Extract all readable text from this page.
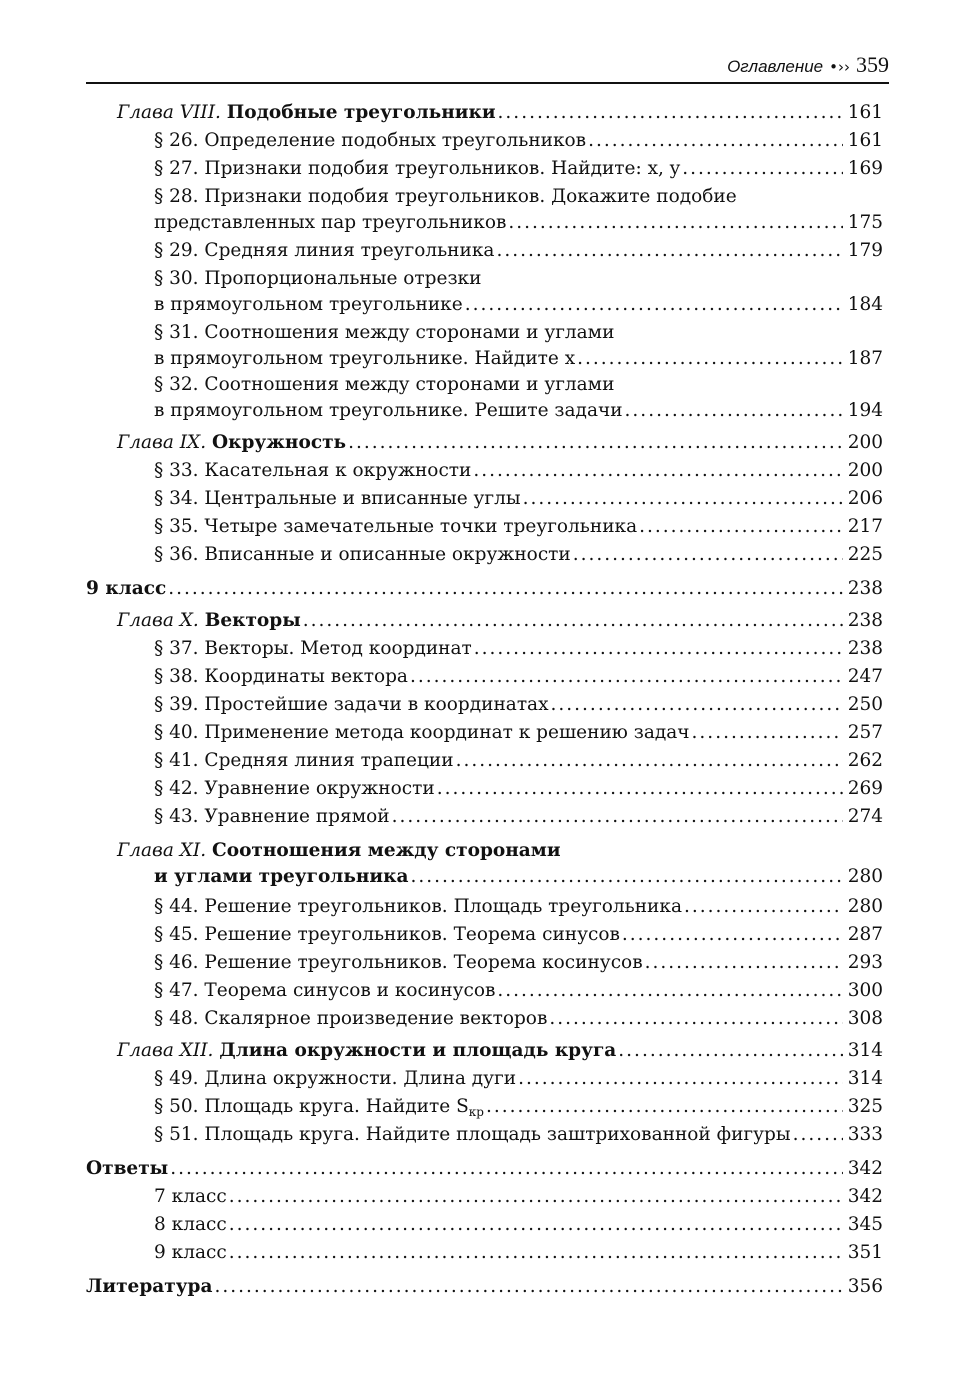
Оглавление •›› 359
Глава VIII. Подобные треугольники .....	161
§ 26. Определение подобных треугольников .....	161
§ 27. Признаки подобия треугольников. Найдите: x, y .....	169
§ 28. Признаки подобия треугольников. Докажите подобие
представленных пар треугольников .....	175
§ 29. Средняя линия треугольника .....	179
§ 30. Пропорциональные отрезки
в прямоугольном треугольнике .....	184
§ 31. Соотношения между сторонами и углами
в прямоугольном треугольнике. Найдите x .....	187
§ 32. Соотношения между сторонами и углами
в прямоугольном треугольнике. Решите задачи .....	194
Глава IX. Окружность .....	200
§ 33. Касательная к окружности .....	200
§ 34. Центральные и вписанные углы .....	206
§ 35. Четыре замечательные точки треугольника .....	217
§ 36. Вписанные и описанные окружности .....	225
9 класс .....	238
Глава X. Векторы .....	238
§ 37. Векторы. Метод координат .....	238
§ 38. Координаты вектора .....	247
§ 39. Простейшие задачи в координатах .....	250
§ 40. Применение метода координат к решению задач .....	257
§ 41. Средняя линия трапеции .....	262
§ 42. Уравнение окружности .....	269
§ 43. Уравнение прямой .....	274
Глава XI. Соотношения между сторонами
и углами треугольника .....	280
§ 44. Решение треугольников. Площадь треугольника .....	280
§ 45. Решение треугольников. Теорема синусов .....	287
§ 46. Решение треугольников. Теорема косинусов .....	293
§ 47. Теорема синусов и косинусов .....	300
§ 48. Скалярное произведение векторов .....	308
Глава XII. Длина окружности и площадь круга .....	314
§ 49. Длина окружности. Длина дуги .....	314
§ 50. Площадь круга. Найдите $S_{кр}$ .....	325
§ 51. Площадь круга. Найдите площадь заштрихованной фигуры .....	333
Ответы .....	342
7 класс .....	342
8 класс .....	345
9 класс .....	351
Литература .....	356
